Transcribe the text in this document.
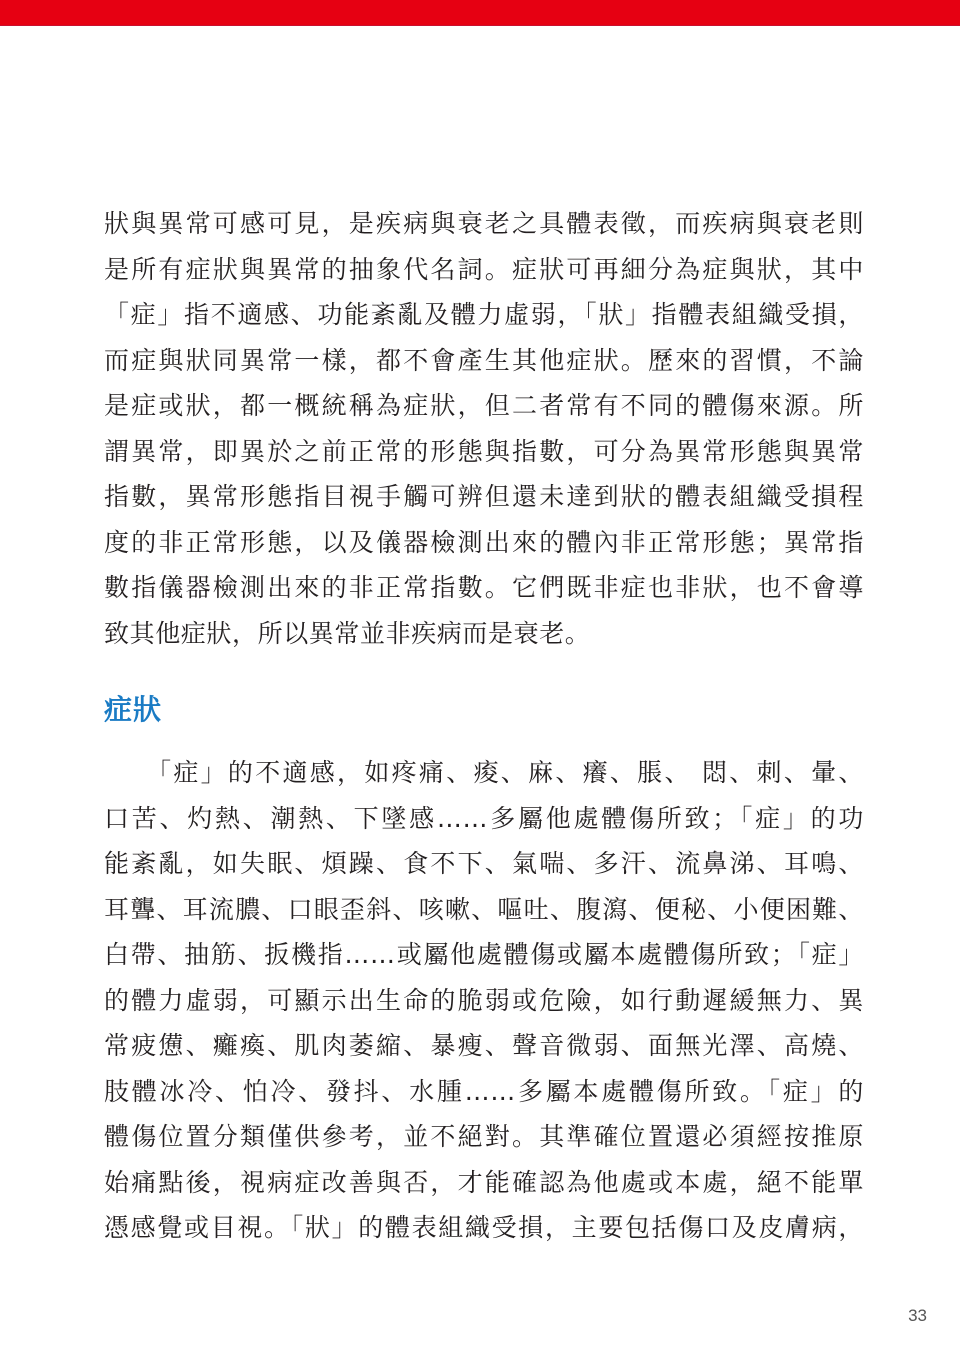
狀與異常可感可見，是疾病與衰老之具體表徵，而疾病與衰老則
是所有症狀與異常的抽象代名詞。症狀可再細分為症與狀，其中
「症」指不適感、功能紊亂及體力虛弱，「狀」指體表組織受損，
而症與狀同異常一樣，都不會產生其他症狀。歷來的習慣，不論
是症或狀，都一概統稱為症狀，但二者常有不同的體傷來源。所
謂異常，即異於之前正常的形態與指數，可分為異常形態與異常
指數，異常形態指目視手觸可辨但還未達到狀的體表組織受損程
度的非正常形態，以及儀器檢測出來的體內非正常形態；異常指
數指儀器檢測出來的非正常指數。它們既非症也非狀，也不會導
致其他症狀，所以異常並非疾病而是衰老。
症狀
　　「症」的不適感，如疼痛、痠、麻、癢、脹、 悶、刺、暈、
口苦、灼熱、潮熱、下墜感……多屬他處體傷所致；「症」的功
能紊亂，如失眠、煩躁、食不下、氣喘、多汗、流鼻涕、耳鳴、
耳聾、耳流膿、口眼歪斜、咳嗽、嘔吐、腹瀉、便秘、小便困難、
白帶、抽筋、扳機指……或屬他處體傷或屬本處體傷所致；「症」
的體力虛弱，可顯示出生命的脆弱或危險，如行動遲緩無力、異
常疲憊、癱瘓、肌肉萎縮、暴瘦、聲音微弱、面無光澤、高燒、
肢體冰冷、怕冷、發抖、水腫……多屬本處體傷所致。「症」的
體傷位置分類僅供參考，並不絕對。其準確位置還必須經按推原
始痛點後，視病症改善與否，才能確認為他處或本處，絕不能單
憑感覺或目視。「狀」的體表組織受損，主要包括傷口及皮膚病，
33
